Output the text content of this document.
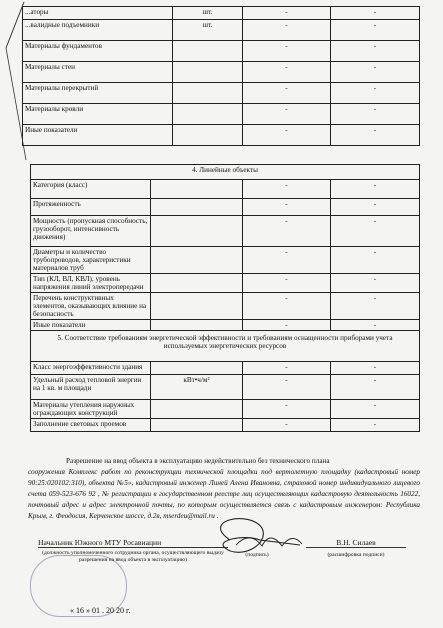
...аторы	шт.	-	-
...валидные подъемники	шт.	-	-
Материалы фундаментов		-	-
Материалы стен		-	-
Материалы перекрытий		-	-
Материалы кровли		-	-
Иные показатели		-	-
4. Линейные объекты			
Категория (класс)		-	-
Протяженность		-	-
Мощность (пропускная способность, грузооборот, интенсивность движения)		-	-
Диаметры и количество трубопроводов, характеристики материалов труб		-	-
Тип (КЛ, ВЛ, КВЛ), уровень напряжения линий электропередачи		-	-
Перечень конструктивных элементов, оказывающих влияние на безопасность		-	-
Иные показатели		-	-
5. Соответствие требованиям энергетической эффективности и требованиям оснащенности приборами учета используемых энергетических ресурсов			
Класс энергоэффективности здания		-	-
Удельный расход тепловой энергии на 1 кв. м площади	кВт•ч/м²	-	-
Материалы утепления наружных ограждающих конструкций		-	-
Заполнение световых проемов		-	-
Разрешение на ввод объекта в эксплуатацию недействительно без технического плана
сооружения Комплекс работ по реконструкции технической площадки под вертолетную площадку (кадастровый номер 90:25:020102:310), объекта №5», кадастровый инженер Линей Алена Ивановна, страховой номер индивидуального лицевого счета 059-523-676 92 , № регистрации в государственном реестре лиц осуществляющих кадастровую деятельность 16022, почтовый адрес и адрес электронной почты, по которым осуществляется связь с кадастровым инженером: Республика Крым, г. Феодосия, Керченское шоссе, д.2в, mserdeu@mail.ru .
Начальник Южного МТУ Росавиации
(должность уполномоченного сотрудника органа, осуществляющего выдачу разрешения на ввод объекта в эксплуатацию)
(подпись)
В.Н. Силаев
(расшифровка подписи)
« 16 » 01 . 20 20 г.
